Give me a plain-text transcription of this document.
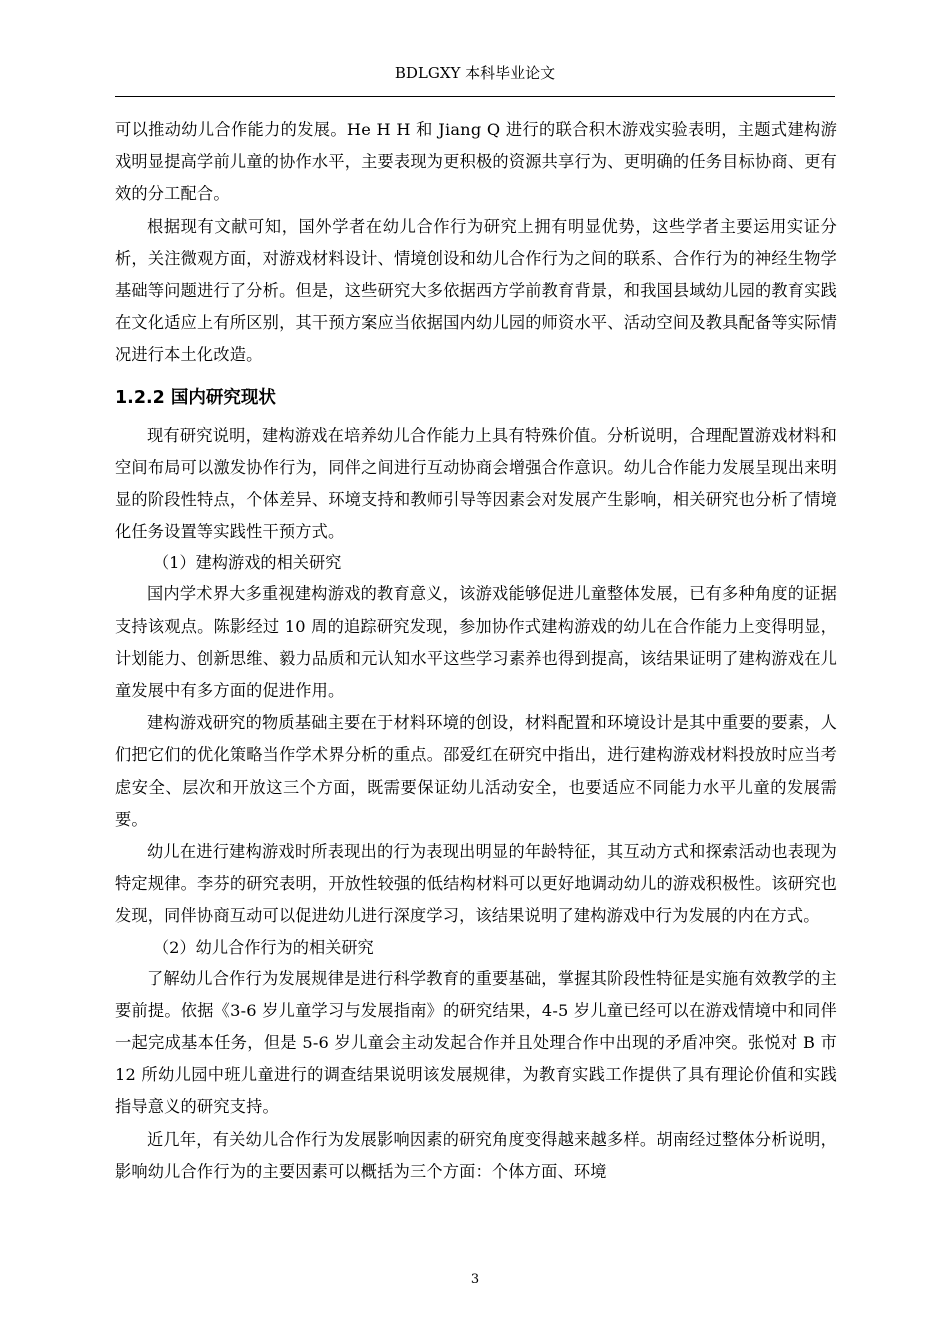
BDLGXY 本科毕业论文

可以推动幼儿合作能力的发展。He H H 和 Jiang Q 进行的联合积木游戏实验表明，主题式建构游戏明显提高学前儿童的协作水平，主要表现为更积极的资源共享行为、更明确的任务目标协商、更有效的分工配合。

根据现有文献可知，国外学者在幼儿合作行为研究上拥有明显优势，这些学者主要运用实证分析，关注微观方面，对游戏材料设计、情境创设和幼儿合作行为之间的联系、合作行为的神经生物学基础等问题进行了分析。但是，这些研究大多依据西方学前教育背景，和我国县域幼儿园的教育实践在文化适应上有所区别，其干预方案应当依据国内幼儿园的师资水平、活动空间及教具配备等实际情况进行本土化改造。

1.2.2 国内研究现状

现有研究说明，建构游戏在培养幼儿合作能力上具有特殊价值。分析说明，合理配置游戏材料和空间布局可以激发协作行为，同伴之间进行互动协商会增强合作意识。幼儿合作能力发展呈现出来明显的阶段性特点，个体差异、环境支持和教师引导等因素会对发展产生影响，相关研究也分析了情境化任务设置等实践性干预方式。

（1）建构游戏的相关研究

国内学术界大多重视建构游戏的教育意义，该游戏能够促进儿童整体发展，已有多种角度的证据支持该观点。陈影经过 10 周的追踪研究发现，参加协作式建构游戏的幼儿在合作能力上变得明显，计划能力、创新思维、毅力品质和元认知水平这些学习素养也得到提高，该结果证明了建构游戏在儿童发展中有多方面的促进作用。

建构游戏研究的物质基础主要在于材料环境的创设，材料配置和环境设计是其中重要的要素，人们把它们的优化策略当作学术界分析的重点。邵爱红在研究中指出，进行建构游戏材料投放时应当考虑安全、层次和开放这三个方面，既需要保证幼儿活动安全，也要适应不同能力水平儿童的发展需要。

幼儿在进行建构游戏时所表现出的行为表现出明显的年龄特征，其互动方式和探索活动也表现为特定规律。李芬的研究表明，开放性较强的低结构材料可以更好地调动幼儿的游戏积极性。该研究也发现，同伴协商互动可以促进幼儿进行深度学习，该结果说明了建构游戏中行为发展的内在方式。

（2）幼儿合作行为的相关研究

了解幼儿合作行为发展规律是进行科学教育的重要基础，掌握其阶段性特征是实施有效教学的主要前提。依据《3-6 岁儿童学习与发展指南》的研究结果，4-5 岁儿童已经可以在游戏情境中和同伴一起完成基本任务，但是 5-6 岁儿童会主动发起合作并且处理合作中出现的矛盾冲突。张悦对 B 市 12 所幼儿园中班儿童进行的调查结果说明该发展规律，为教育实践工作提供了具有理论价值和实践指导意义的研究支持。

近几年，有关幼儿合作行为发展影响因素的研究角度变得越来越多样。胡南经过整体分析说明，影响幼儿合作行为的主要因素可以概括为三个方面：个体方面、环境

3
